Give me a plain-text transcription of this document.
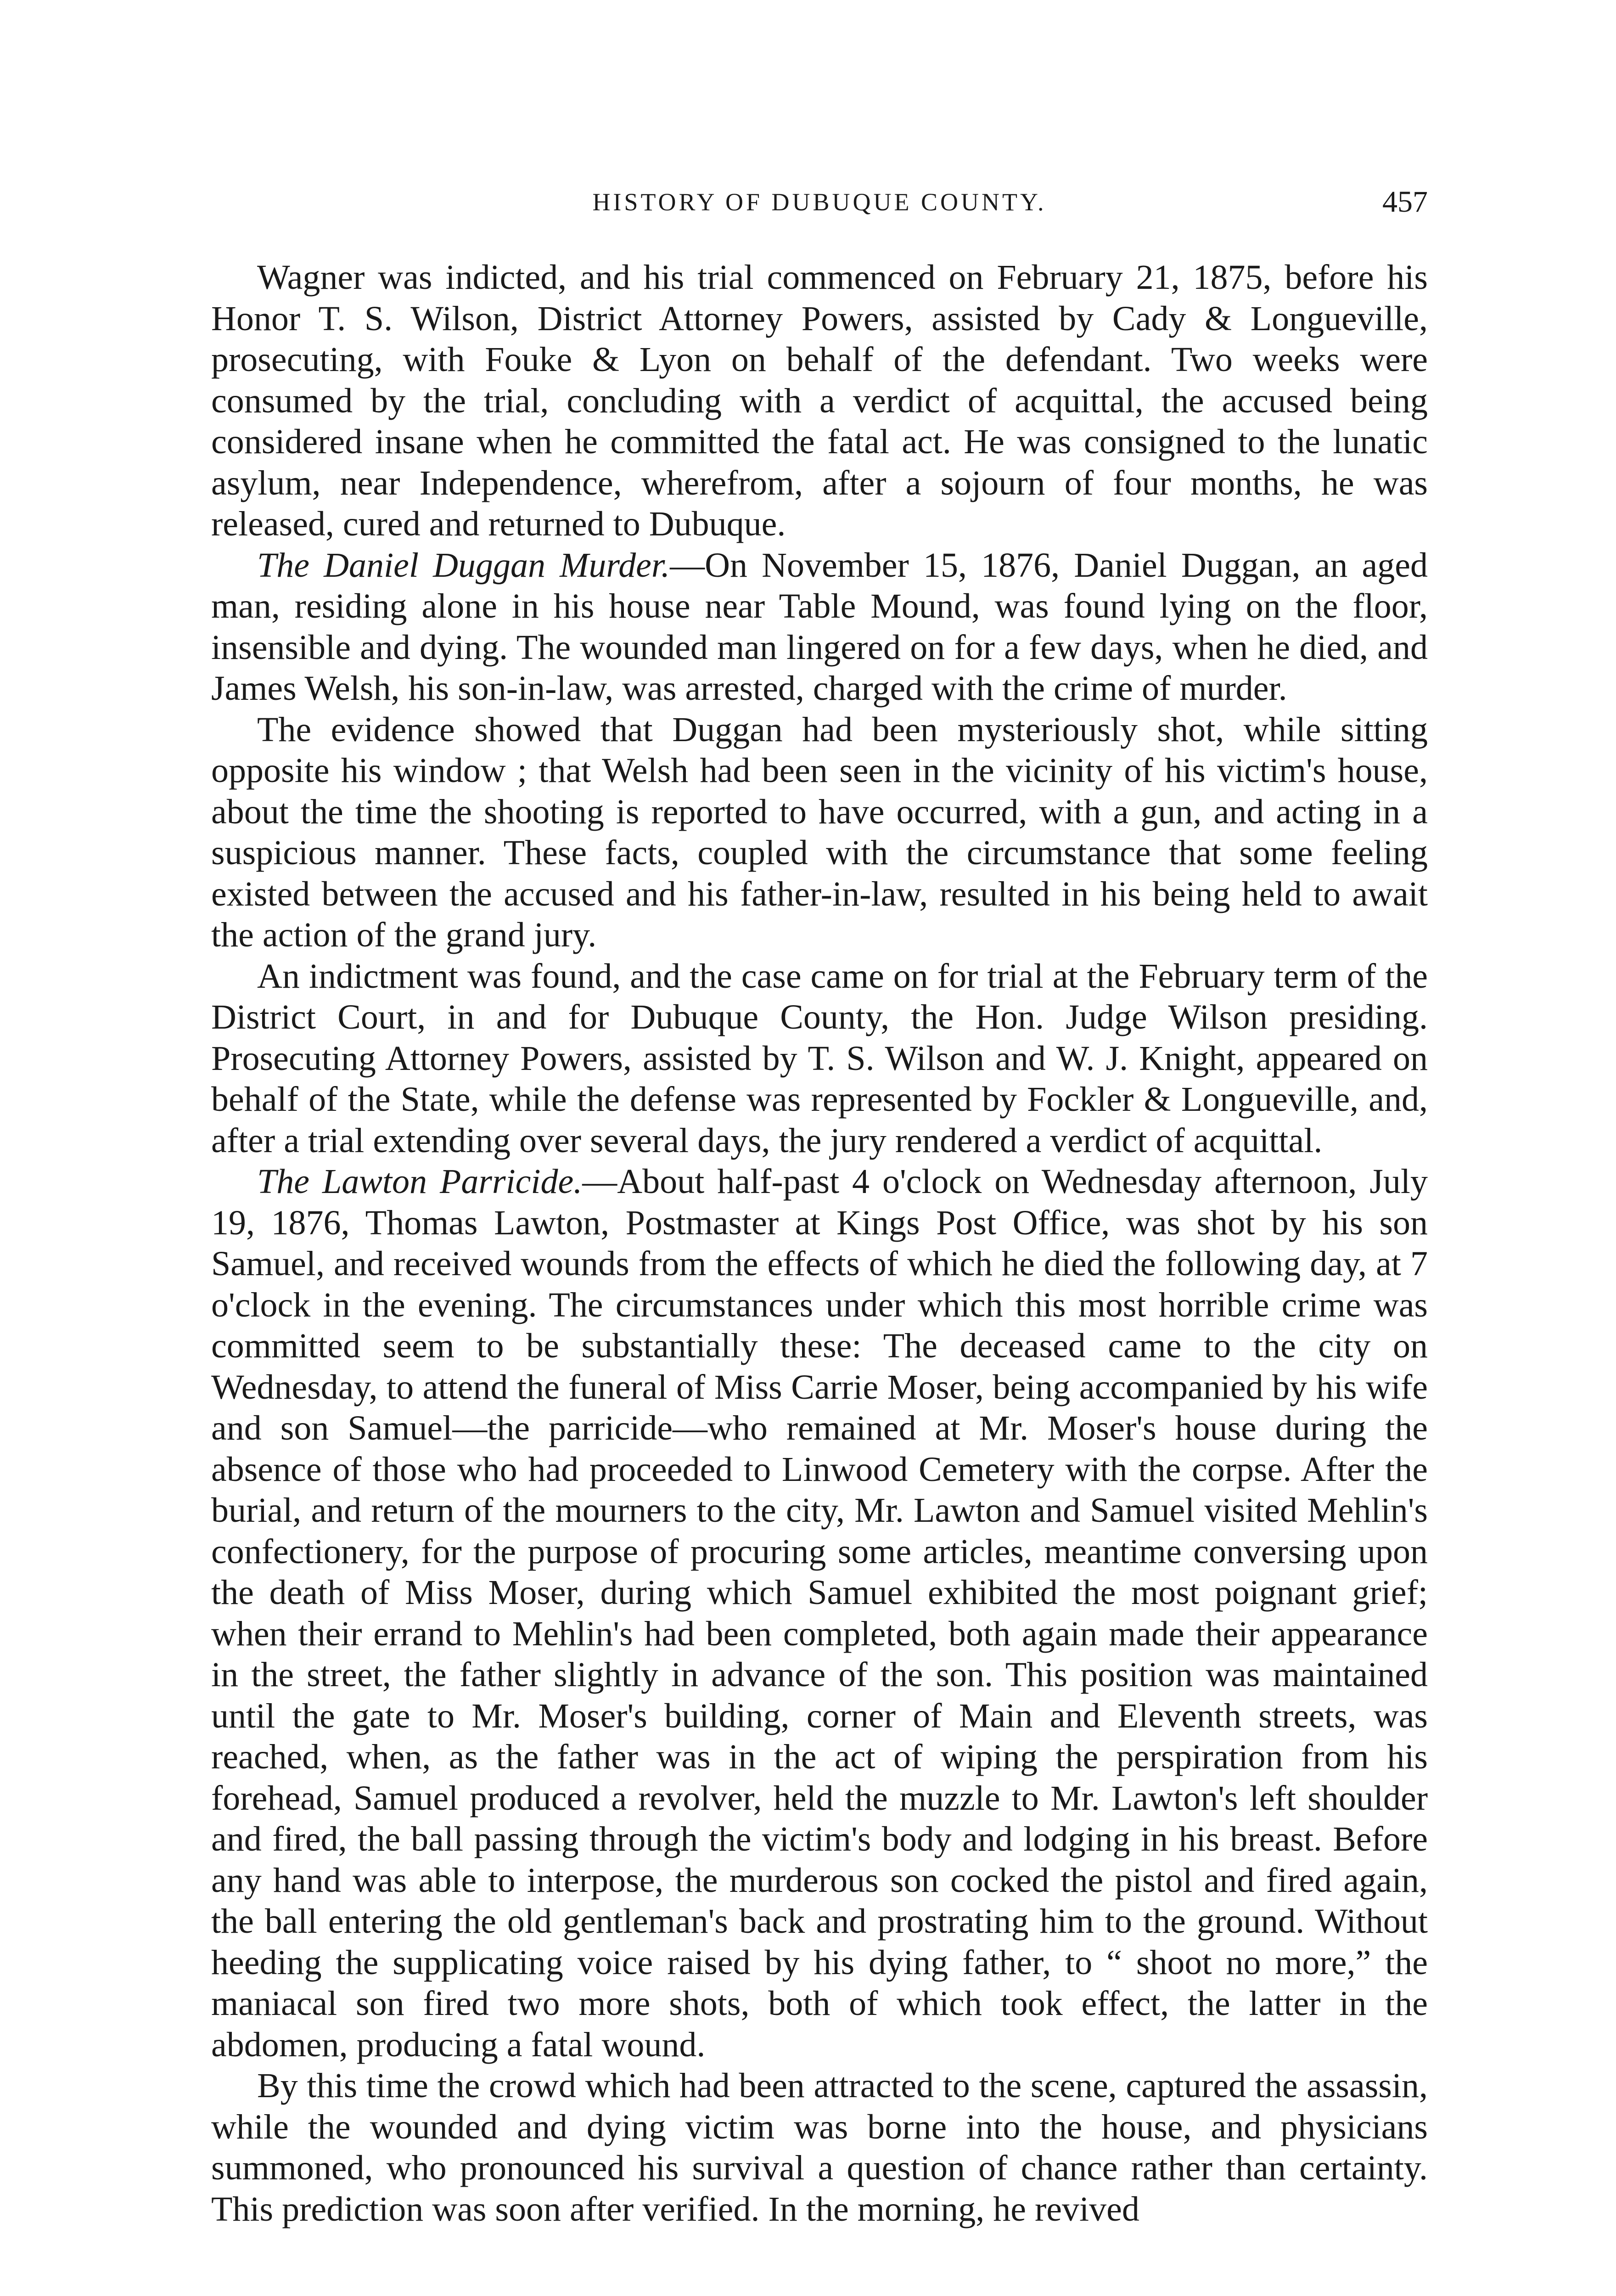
HISTORY OF DUBUQUE COUNTY.	457

Wagner was indicted, and his trial commenced on February 21, 1875, before his Honor T. S. Wilson, District Attorney Powers, assisted by Cady & Longueville, prosecuting, with Fouke & Lyon on behalf of the defendant. Two weeks were consumed by the trial, concluding with a verdict of acquittal, the accused being considered insane when he committed the fatal act. He was consigned to the lunatic asylum, near Independence, wherefrom, after a sojourn of four months, he was released, cured and returned to Dubuque.

The Daniel Duggan Murder.—On November 15, 1876, Daniel Duggan, an aged man, residing alone in his house near Table Mound, was found lying on the floor, insensible and dying. The wounded man lingered on for a few days, when he died, and James Welsh, his son-in-law, was arrested, charged with the crime of murder.

The evidence showed that Duggan had been mysteriously shot, while sitting opposite his window ; that Welsh had been seen in the vicinity of his victim's house, about the time the shooting is reported to have occurred, with a gun, and acting in a suspicious manner. These facts, coupled with the circumstance that some feeling existed between the accused and his father-in-law, resulted in his being held to await the action of the grand jury.

An indictment was found, and the case came on for trial at the February term of the District Court, in and for Dubuque County, the Hon. Judge Wilson presiding. Prosecuting Attorney Powers, assisted by T. S. Wilson and W. J. Knight, appeared on behalf of the State, while the defense was represented by Fockler & Longueville, and, after a trial extending over several days, the jury rendered a verdict of acquittal.

The Lawton Parricide.—About half-past 4 o'clock on Wednesday afternoon, July 19, 1876, Thomas Lawton, Postmaster at Kings Post Office, was shot by his son Samuel, and received wounds from the effects of which he died the following day, at 7 o'clock in the evening. The circumstances under which this most horrible crime was committed seem to be substantially these: The deceased came to the city on Wednesday, to attend the funeral of Miss Carrie Moser, being accompanied by his wife and son Samuel—the parricide—who remained at Mr. Moser's house during the absence of those who had proceeded to Linwood Cemetery with the corpse. After the burial, and return of the mourners to the city, Mr. Lawton and Samuel visited Mehlin's confectionery, for the purpose of procuring some articles, meantime conversing upon the death of Miss Moser, during which Samuel exhibited the most poignant grief; when their errand to Mehlin's had been completed, both again made their appearance in the street, the father slightly in advance of the son. This position was maintained until the gate to Mr. Moser's building, corner of Main and Eleventh streets, was reached, when, as the father was in the act of wiping the perspiration from his forehead, Samuel produced a revolver, held the muzzle to Mr. Lawton's left shoulder and fired, the ball passing through the victim's body and lodging in his breast. Before any hand was able to interpose, the murderous son cocked the pistol and fired again, the ball entering the old gentleman's back and prostrating him to the ground. Without heeding the supplicating voice raised by his dying father, to “ shoot no more,” the maniacal son fired two more shots, both of which took effect, the latter in the abdomen, producing a fatal wound.

By this time the crowd which had been attracted to the scene, captured the assassin, while the wounded and dying victim was borne into the house, and physicians summoned, who pronounced his survival a question of chance rather than certainty. This prediction was soon after verified. In the morning, he revived
